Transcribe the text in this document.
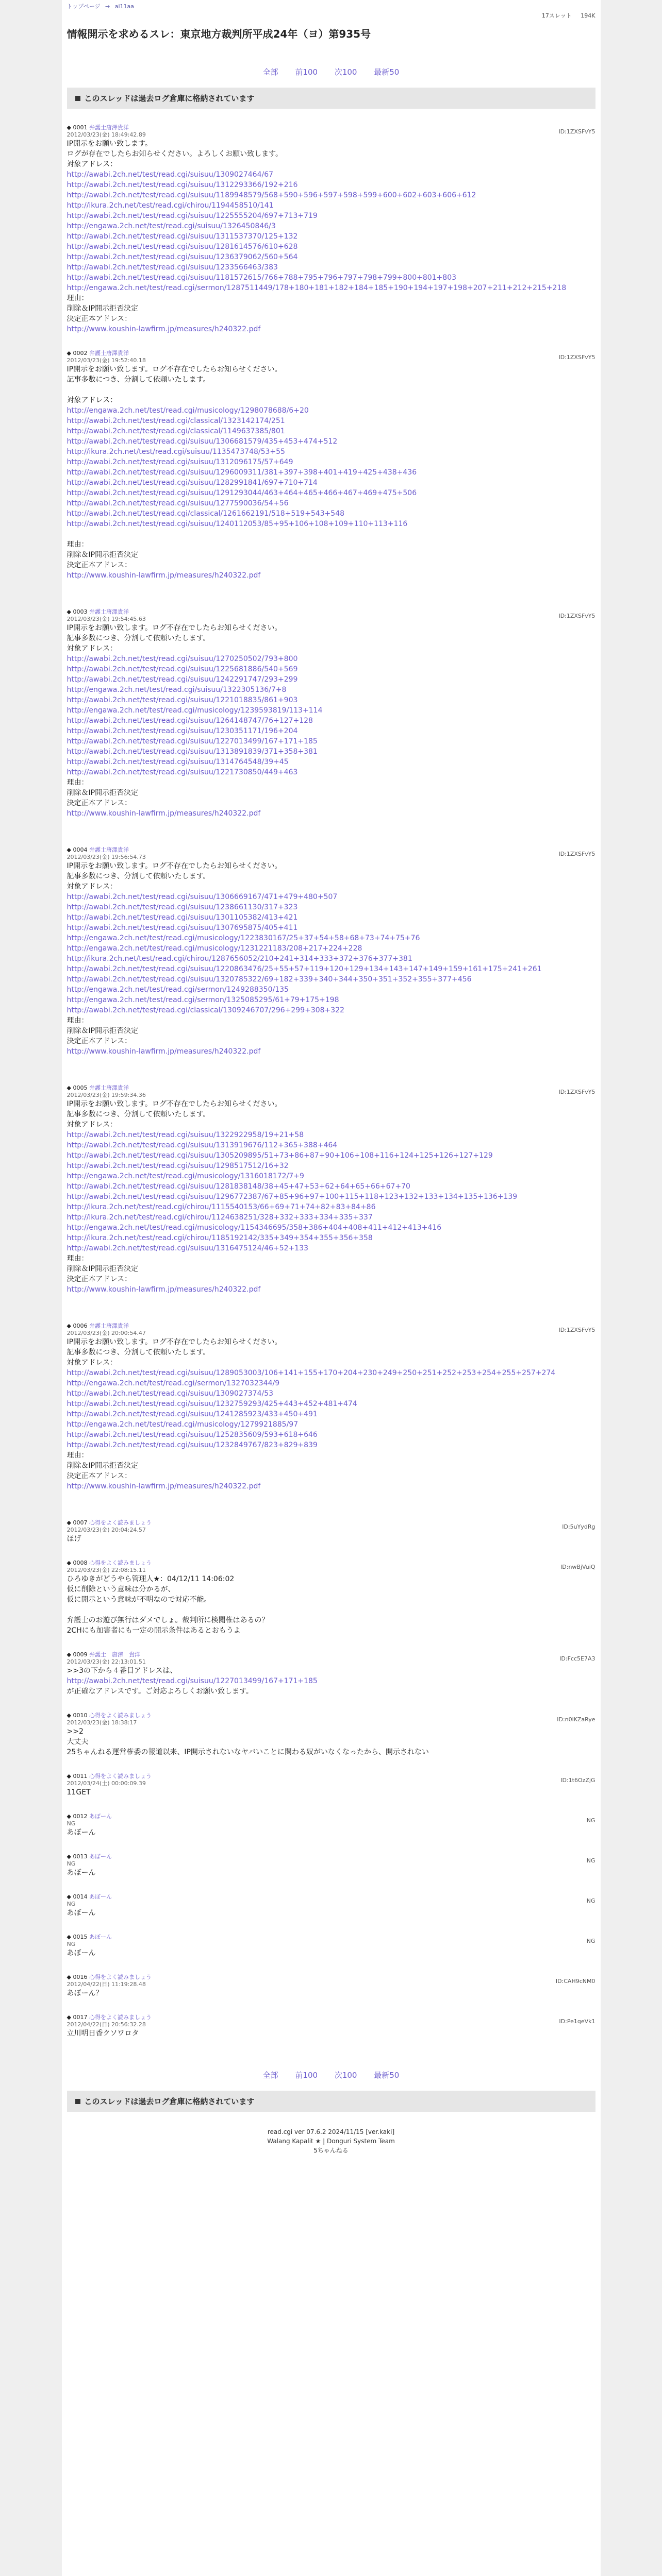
トップページ → ai11aa
17スレット 194K
情報開示を求めるスレ：東京地方裁判所平成24年（ヨ）第935号
全部 前100 次100 最新50
このスレッドは過去ログ倉庫に格納されています
◆ 0001 弁護士唐澤貴洋
2012/03/23(金) 18:49:42.89	ID:1ZXSFvY5
IP開示をお願い致します。
ログが存在でしたらお知らせください。よろしくお願い致します。
対象アドレス：
http://awabi.2ch.net/test/read.cgi/suisuu/1309027464/67
http://awabi.2ch.net/test/read.cgi/suisuu/1312293366/192+216
http://awabi.2ch.net/test/read.cgi/suisuu/1189948579/568+590+596+597+598+599+600+602+603+606+612
http://ikura.2ch.net/test/read.cgi/chirou/1194458510/141
http://awabi.2ch.net/test/read.cgi/suisuu/1225555204/697+713+719
http://engawa.2ch.net/test/read.cgi/suisuu/1326450846/3
http://awabi.2ch.net/test/read.cgi/suisuu/1311537370/125+132
http://awabi.2ch.net/test/read.cgi/suisuu/1281614576/610+628
http://awabi.2ch.net/test/read.cgi/suisuu/1236379062/560+564
http://awabi.2ch.net/test/read.cgi/suisuu/1233566463/383
http://awabi.2ch.net/test/read.cgi/suisuu/1181572615/766+788+795+796+797+798+799+800+801+803
http://engawa.2ch.net/test/read.cgi/sermon/1287511449/178+180+181+182+184+185+190+194+197+198+207+211+212+215+218
理由：
削除＆IP開示拒否決定
決定正本アドレス：
http://www.koushin-lawfirm.jp/measures/h240322.pdf
◆ 0002 弁護士唐澤貴洋
2012/03/23(金) 19:52:40.18	ID:1ZXSFvY5
IP開示をお願い致します。ログ不存在でしたらお知らせください。
記事多数につき、分割して依頼いたします。
対象アドレス：
http://engawa.2ch.net/test/read.cgi/musicology/1298078688/6+20
http://awabi.2ch.net/test/read.cgi/classical/1323142174/251
http://awabi.2ch.net/test/read.cgi/classical/1149637385/801
http://awabi.2ch.net/test/read.cgi/suisuu/1306681579/435+453+474+512
http://ikura.2ch.net/test/read.cgi/suisuu/1135473748/53+55
http://awabi.2ch.net/test/read.cgi/suisuu/1312096175/57+649
http://awabi.2ch.net/test/read.cgi/suisuu/1296009311/381+397+398+401+419+425+438+436
http://awabi.2ch.net/test/read.cgi/suisuu/1282991841/697+710+714
http://awabi.2ch.net/test/read.cgi/suisuu/1291293044/463+464+465+466+467+469+475+506
http://awabi.2ch.net/test/read.cgi/suisuu/1277590036/54+56
http://awabi.2ch.net/test/read.cgi/classical/1261662191/518+519+543+548
http://awabi.2ch.net/test/read.cgi/suisuu/1240112053/85+95+106+108+109+110+113+116
理由：
削除＆IP開示拒否決定
決定正本アドレス：
http://www.koushin-lawfirm.jp/measures/h240322.pdf
◆ 0003 弁護士唐澤貴洋
2012/03/23(金) 19:54:45.63	ID:1ZXSFvY5
IP開示をお願い致します。ログ不存在でしたらお知らせください。
記事多数につき、分割して依頼いたします。
対象アドレス：
http://awabi.2ch.net/test/read.cgi/suisuu/1270250502/793+800
http://awabi.2ch.net/test/read.cgi/suisuu/1225681886/540+569
http://awabi.2ch.net/test/read.cgi/suisuu/1242291747/293+299
http://engawa.2ch.net/test/read.cgi/suisuu/1322305136/7+8
http://awabi.2ch.net/test/read.cgi/suisuu/1221018835/861+903
http://engawa.2ch.net/test/read.cgi/musicology/1239593819/113+114
http://awabi.2ch.net/test/read.cgi/suisuu/1264148747/76+127+128
http://awabi.2ch.net/test/read.cgi/suisuu/1230351171/196+204
http://awabi.2ch.net/test/read.cgi/suisuu/1227013499/167+171+185
http://awabi.2ch.net/test/read.cgi/suisuu/1313891839/371+358+381
http://awabi.2ch.net/test/read.cgi/suisuu/1314764548/39+45
http://awabi.2ch.net/test/read.cgi/suisuu/1221730850/449+463
理由：
削除＆IP開示拒否決定
決定正本アドレス：
http://www.koushin-lawfirm.jp/measures/h240322.pdf
◆ 0004 弁護士唐澤貴洋
2012/03/23(金) 19:56:54.73	ID:1ZXSFvY5
IP開示をお願い致します。ログ不存在でしたらお知らせください。
記事多数につき、分割して依頼いたします。
対象アドレス：
http://awabi.2ch.net/test/read.cgi/suisuu/1306669167/471+479+480+507
http://awabi.2ch.net/test/read.cgi/suisuu/1238661130/317+323
http://awabi.2ch.net/test/read.cgi/suisuu/1301105382/413+421
http://awabi.2ch.net/test/read.cgi/suisuu/1307695875/405+411
http://engawa.2ch.net/test/read.cgi/musicology/1223830167/25+37+54+58+68+73+74+75+76
http://engawa.2ch.net/test/read.cgi/musicology/1231221183/208+217+224+228
http://ikura.2ch.net/test/read.cgi/chirou/1287656052/210+241+314+333+372+376+377+381
http://awabi.2ch.net/test/read.cgi/suisuu/1220863476/25+55+57+119+120+129+134+143+147+149+159+161+175+241+261
http://awabi.2ch.net/test/read.cgi/suisuu/1320785322/69+182+339+340+344+350+351+352+355+377+456
http://engawa.2ch.net/test/read.cgi/sermon/1249288350/135
http://engawa.2ch.net/test/read.cgi/sermon/1325085295/61+79+175+198
http://awabi.2ch.net/test/read.cgi/classical/1309246707/296+299+308+322
理由：
削除＆IP開示拒否決定
決定正本アドレス：
http://www.koushin-lawfirm.jp/measures/h240322.pdf
◆ 0005 弁護士唐澤貴洋
2012/03/23(金) 19:59:34.36	ID:1ZXSFvY5
IP開示をお願い致します。ログ不存在でしたらお知らせください。
記事多数につき、分割して依頼いたします。
対象アドレス：
http://awabi.2ch.net/test/read.cgi/suisuu/1322922958/19+21+58
http://awabi.2ch.net/test/read.cgi/suisuu/1313919676/112+365+388+464
http://awabi.2ch.net/test/read.cgi/suisuu/1305209895/51+73+86+87+90+106+108+116+124+125+126+127+129
http://awabi.2ch.net/test/read.cgi/suisuu/1298517512/16+32
http://engawa.2ch.net/test/read.cgi/musicology/1316018172/7+9
http://awabi.2ch.net/test/read.cgi/suisuu/1281838148/38+45+47+53+62+64+65+66+67+70
http://awabi.2ch.net/test/read.cgi/suisuu/1296772387/67+85+96+97+100+115+118+123+132+133+134+135+136+139
http://ikura.2ch.net/test/read.cgi/chirou/1115540153/66+69+71+74+82+83+84+86
http://ikura.2ch.net/test/read.cgi/chirou/1124638251/328+332+333+334+335+337
http://engawa.2ch.net/test/read.cgi/musicology/1154346695/358+386+404+408+411+412+413+416
http://ikura.2ch.net/test/read.cgi/chirou/1185192142/335+349+354+355+356+358
http://awabi.2ch.net/test/read.cgi/suisuu/1316475124/46+52+133
理由：
削除＆IP開示拒否決定
決定正本アドレス：
http://www.koushin-lawfirm.jp/measures/h240322.pdf
◆ 0006 弁護士唐澤貴洋
2012/03/23(金) 20:00:54.47	ID:1ZXSFvY5
IP開示をお願い致します。ログ不存在でしたらお知らせください。
記事多数につき、分割して依頼いたします。
対象アドレス：
http://awabi.2ch.net/test/read.cgi/suisuu/1289053003/106+141+155+170+204+230+249+250+251+252+253+254+255+257+274
http://engawa.2ch.net/test/read.cgi/sermon/1327032344/9
http://awabi.2ch.net/test/read.cgi/suisuu/1309027374/53
http://awabi.2ch.net/test/read.cgi/suisuu/1232759293/425+443+452+481+474
http://awabi.2ch.net/test/read.cgi/suisuu/1241285923/433+450+491
http://engawa.2ch.net/test/read.cgi/musicology/1279921885/97
http://awabi.2ch.net/test/read.cgi/suisuu/1252835609/593+618+646
http://awabi.2ch.net/test/read.cgi/suisuu/1232849767/823+829+839
理由：
削除＆IP開示拒否決定
決定正本アドレス：
http://www.koushin-lawfirm.jp/measures/h240322.pdf
◆ 0007 心得をよく読みましょう
2012/03/23(金) 20:04:24.57	ID:5uYydRg
ほげ
◆ 0008 心得をよく読みましょう
2012/03/23(金) 22:08:15.11	ID:nwBjVuiQ
ひろゆきがどうやら管理人★：04/12/11 14:06:02
仮に削除という意味は分かるが、
仮に開示という意味が不明なので対応不能。
弁護士のお遊び無行はダメでしょ。裁判所に検閲権はあるの？
2CHにも加害者にも一定の開示条件はあるとおもうよ
◆ 0009 弁護士　唐澤　貴洋
2012/03/23(金) 22:13:01.51	ID:Fcc5E7A3
>>3の下から４番目アドレスは、
http://awabi.2ch.net/test/read.cgi/suisuu/1227013499/167+171+185
が正確なアドレスです。ご対応よろしくお願い致します。
◆ 0010 心得をよく読みましょう
2012/03/23(金) 18:38:17	ID:n0iKZaRye
>>2
大丈夫
25ちゃんねる運営権委の報道以来、IP開示されないなヤバいことに関わる奴がいなくなったから、開示されない
◆ 0011 心得をよく読みましょう
2012/03/24(土) 00:00:09.39	ID:1t6OzZjG
11GET
◆ 0012 あぼーん
NG	NG
あぼーん
◆ 0013 あぼーん
NG	NG
あぼーん
◆ 0014 あぼーん
NG	NG
あぼーん
◆ 0015 あぼーん
NG	NG
あぼーん
◆ 0016 心得をよく読みましょう
2012/04/22(日) 11:19:28.48	ID:CAH9cNM0
あぼーん？
◆ 0017 心得をよく読みましょう
2012/04/22(日) 20:56:32.28	ID:Pe1qeVk1
立川明日香クソワロタ
全部 前100 次100 最新50
このスレッドは過去ログ倉庫に格納されています
read.cgi ver 07.6.2 2024/11/15 [ver.kaki]
Walang Kapalit ★ | Donguri System Team
5ちゃんねる
